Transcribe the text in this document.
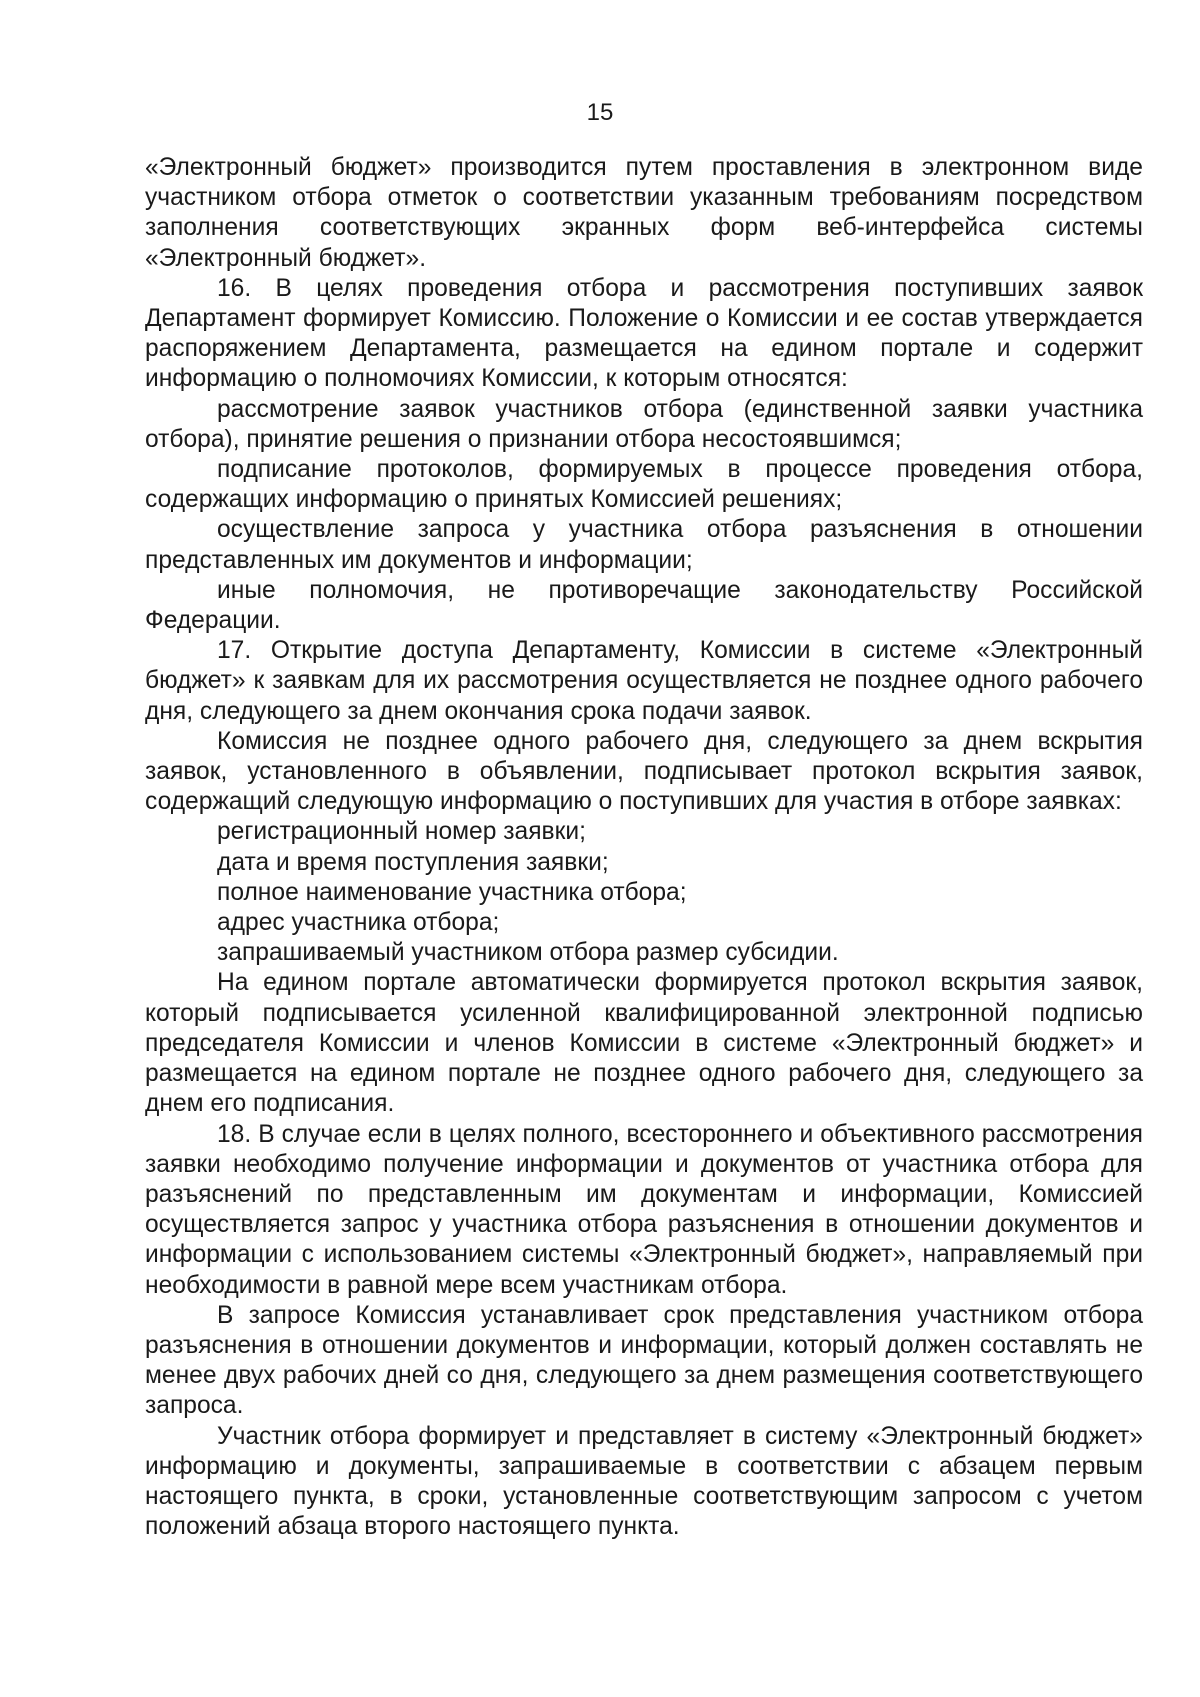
15

«Электронный бюджет» производится путем проставления в электронном виде участником отбора отметок о соответствии указанным требованиям посредством заполнения соответствующих экранных форм веб-интерфейса системы «Электронный бюджет».

16. В целях проведения отбора и рассмотрения поступивших заявок Департамент формирует Комиссию. Положение о Комиссии и ее состав утверждается распоряжением Департамента, размещается на едином портале и содержит информацию о полномочиях Комиссии, к которым относятся:

рассмотрение заявок участников отбора (единственной заявки участника отбора), принятие решения о признании отбора несостоявшимся;

подписание протоколов, формируемых в процессе проведения отбора, содержащих информацию о принятых Комиссией решениях;

осуществление запроса у участника отбора разъяснения в отношении представленных им документов и информации;

иные полномочия, не противоречащие законодательству Российской Федерации.

17. Открытие доступа Департаменту, Комиссии в системе «Электронный бюджет» к заявкам для их рассмотрения осуществляется не позднее одного рабочего дня, следующего за днем окончания срока подачи заявок.

Комиссия не позднее одного рабочего дня, следующего за днем вскрытия заявок, установленного в объявлении, подписывает протокол вскрытия заявок, содержащий следующую информацию о поступивших для участия в отборе заявках:

регистрационный номер заявки;

дата и время поступления заявки;

полное наименование участника отбора;

адрес участника отбора;

запрашиваемый участником отбора размер субсидии.

На едином портале автоматически формируется протокол вскрытия заявок, который подписывается усиленной квалифицированной электронной подписью председателя Комиссии и членов Комиссии в системе «Электронный бюджет» и размещается на едином портале не позднее одного рабочего дня, следующего за днем его подписания.

18. В случае если в целях полного, всестороннего и объективного рассмотрения заявки необходимо получение информации и документов от участника отбора для разъяснений по представленным им документам и информации, Комиссией осуществляется запрос у участника отбора разъяснения в отношении документов и информации с использованием системы «Электронный бюджет», направляемый при необходимости в равной мере всем участникам отбора.

В запросе Комиссия устанавливает срок представления участником отбора разъяснения в отношении документов и информации, который должен составлять не менее двух рабочих дней со дня, следующего за днем размещения соответствующего запроса.

Участник отбора формирует и представляет в систему «Электронный бюджет» информацию и документы, запрашиваемые в соответствии с абзацем первым настоящего пункта, в сроки, установленные соответствующим запросом с учетом положений абзаца второго настоящего пункта.
